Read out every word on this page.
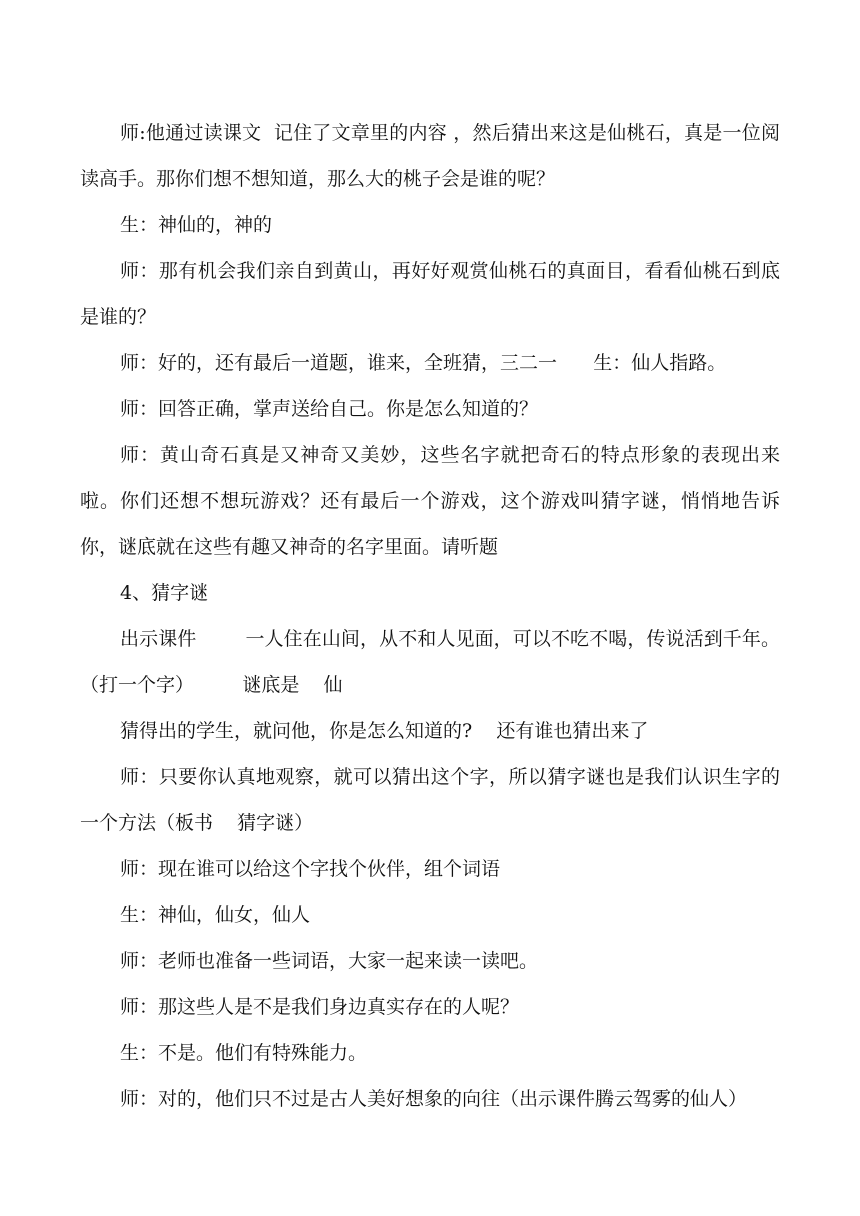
师:他通过读课文  记住了文章里的内容 ，然后猜出来这是仙桃石，真是一位阅读高手。那你们想不想知道，那么大的桃子会是谁的呢？

生：神仙的，神的

师：那有机会我们亲自到黄山，再好好观赏仙桃石的真面目，看看仙桃石到底是谁的？

师：好的，还有最后一道题，谁来，全班猜，三二一      生：仙人指路。

师：回答正确，掌声送给自己。你是怎么知道的？

师：黄山奇石真是又神奇又美妙，这些名字就把奇石的特点形象的表现出来啦。你们还想不想玩游戏？还有最后一个游戏，这个游戏叫猜字谜，悄悄地告诉你，谜底就在这些有趣又神奇的名字里面。请听题

4、猜字谜

出示课件        一人住在山间，从不和人见面，可以不吃不喝，传说活到千年。（打一个字）        谜底是    仙

猜得出的学生，就问他，你是怎么知道的?    还有谁也猜出来了

师：只要你认真地观察，就可以猜出这个字，所以猜字谜也是我们认识生字的一个方法（板书    猜字谜）

师：现在谁可以给这个字找个伙伴，组个词语

生：神仙，仙女，仙人

师：老师也准备一些词语，大家一起来读一读吧。

师：那这些人是不是我们身边真实存在的人呢？

生：不是。他们有特殊能力。

师：对的，他们只不过是古人美好想象的向往（出示课件腾云驾雾的仙人）
